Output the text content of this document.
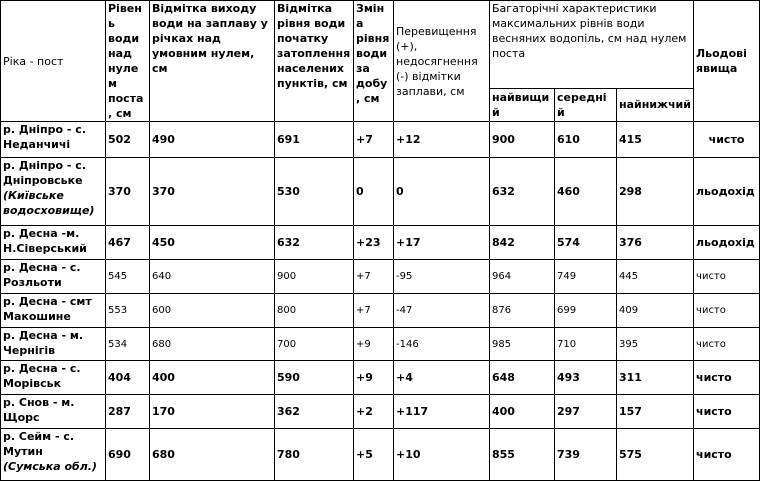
Ріка - пост	Рівень води над нулем поста, см	Відмітка виходу води на заплаву у річках над умовним нулем, см	Відмітка рівня води початку затоплення населених пунктів, см	Зміна рівня води за добу, см	Перевищення (+), недосягнення (-) відмітки заплави, см	Багаторічні характеристики максимальних рівнів води весняних водопіль, см над нулем поста			Льодові явища
						найвищий	середній	найнижчий	
р. Дніпро - с. Неданчичі	502	490	691	+7	+12	900	610	415	чисто
р. Дніпро - с. Дніпровське (Київське водосховище)	370	370	530	0	0	632	460	298	льодохід
р. Десна -м. Н.Сіверський	467	450	632	+23	+17	842	574	376	льодохід
р. Десна - с. Розльоти	545	640	900	+7	-95	964	749	445	чисто
р. Десна - смт Макошине	553	600	800	+7	-47	876	699	409	чисто
р. Десна - м. Чернігів	534	680	700	+9	-146	985	710	395	чисто
р. Десна - с. Морівськ	404	400	590	+9	+4	648	493	311	чисто
р. Снов - м. Щорс	287	170	362	+2	+117	400	297	157	чисто
р. Сейм - с. Мутин (Сумська обл.)	690	680	780	+5	+10	855	739	575	чисто
